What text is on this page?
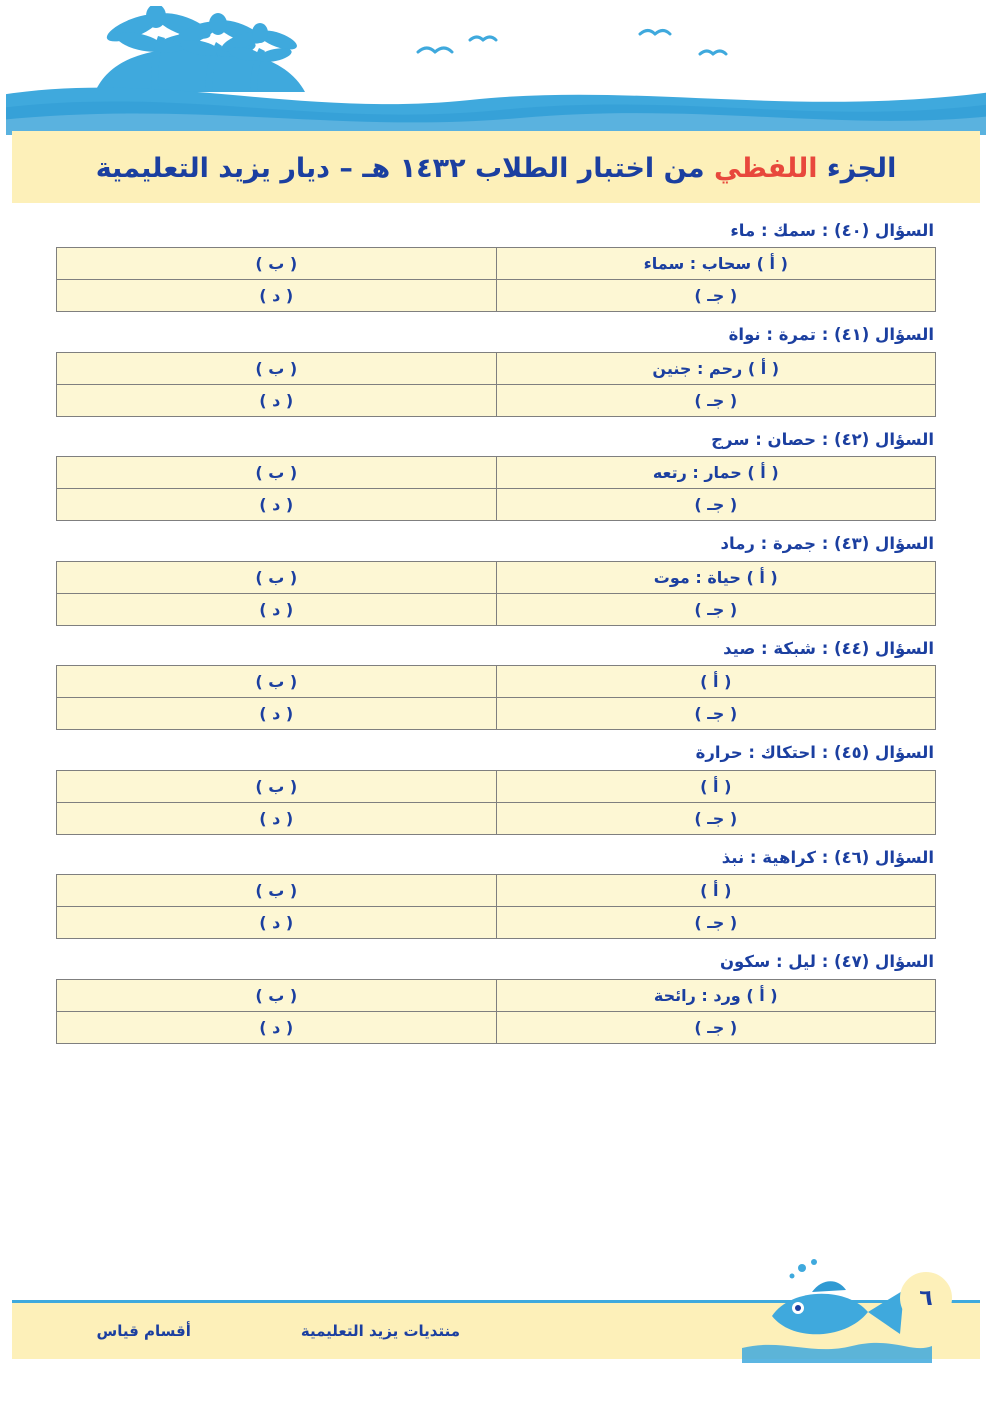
الجزء اللفظي من اختبار الطلاب ١٤٣٢ هـ – ديار يزيد التعليمية
السؤال (٤٠) : سمك : ماء
( أ ) سحاب : سماء	( ب )
( جـ )	( د )
السؤال (٤١) : تمرة : نواة
( أ ) رحم : جنين	( ب )
( جـ )	( د )
السؤال (٤٢) : حصان : سرج
( أ ) حمار : رتعه	( ب )
( جـ )	( د )
السؤال (٤٣) : جمرة : رماد
( أ ) حياة : موت	( ب )
( جـ )	( د )
السؤال (٤٤) : شبكة : صيد
( أ )	( ب )
( جـ )	( د )
السؤال (٤٥) : احتكاك : حرارة
( أ )	( ب )
( جـ )	( د )
السؤال (٤٦) : كراهية : نبذ
( أ )	( ب )
( جـ )	( د )
السؤال (٤٧) : ليل : سكون
( أ ) ورد : رائحة	( ب )
( جـ )	( د )
٦
منتديات يزيد التعليمية
أقسام قياس
